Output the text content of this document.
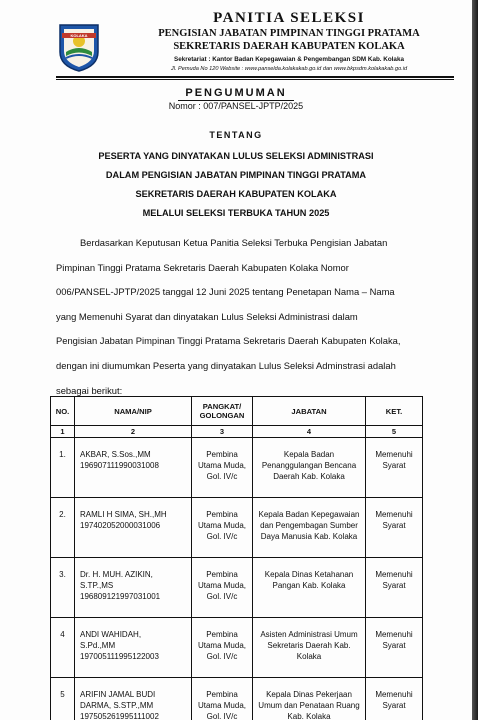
KOLAKA
PANITIA SELEKSI
PENGISIAN JABATAN PIMPINAN TINGGI PRATAMA
SEKRETARIS DAERAH KABUPATEN KOLAKA
Sekretariat : Kantor Badan Kepegawaian & Pengembangan SDM Kab. Kolaka
Jl. Pemuda No 120 Website : www.panselda.kolakakab.go.id dan www.bkpsdm.kolakakab.go.id
PENGUMUMAN
Nomor : 007/PANSEL-JPTP/2025
TENTANG
PESERTA YANG DINYATAKAN LULUS SELEKSI ADMINISTRASI
DALAM PENGISIAN JABATAN PIMPINAN TINGGI PRATAMA
SEKRETARIS DAERAH KABUPATEN KOLAKA
MELALUI SELEKSI TERBUKA TAHUN 2025
Berdasarkan Keputusan Ketua Panitia Seleksi Terbuka Pengisian Jabatan
Pimpinan Tinggi Pratama Sekretaris Daerah Kabupaten Kolaka Nomor
006/PANSEL-JPTP/2025 tanggal 12 Juni 2025 tentang Penetapan Nama – Nama
yang Memenuhi Syarat dan dinyatakan Lulus Seleksi Administrasi dalam
Pengisian Jabatan Pimpinan Tinggi Pratama Sekretaris Daerah Kabupaten Kolaka,
dengan ini diumumkan Peserta yang dinyatakan Lulus Seleksi Adminstrasi adalah
sebagai berikut:
NO.	NAMA/NIP	PANGKAT/ GOLONGAN	JABATAN	KET.
1	2	3	4	5

1.	AKBAR, S.Sos.,MM
196907111990031008	Pembina
Utama Muda,
Gol. IV/c	Kepala Badan
Penanggulangan Bencana
Daerah Kab. Kolaka	Memenuhi
Syarat

2.	RAMLI H SIMA, SH.,MH
197402052000031006	Pembina
Utama Muda,
Gol. IV/c	Kepala Badan Kepegawaian
dan Pengembagan Sumber
Daya Manusia Kab. Kolaka	Memenuhi
Syarat

3.	Dr. H. MUH. AZIKIN,
S.TP.,MS
196809121997031001	Pembina
Utama Muda,
Gol. IV/c	Kepala Dinas Ketahanan
Pangan Kab. Kolaka	Memenuhi
Syarat

4	ANDI WAHIDAH,
S.Pd.,MM
197005111995122003	Pembina
Utama Muda,
Gol. IV/c	Asisten Administrasi Umum
Sekretaris Daerah Kab.
Kolaka	Memenuhi
Syarat

5	ARIFIN JAMAL BUDI
DARMA, S.STP.,MM
197505261995111002	Pembina
Utama Muda,
Gol. IV/c	Kepala Dinas Pekerjaan
Umum dan Penataan Ruang
Kab. Kolaka	Memenuhi
Syarat
